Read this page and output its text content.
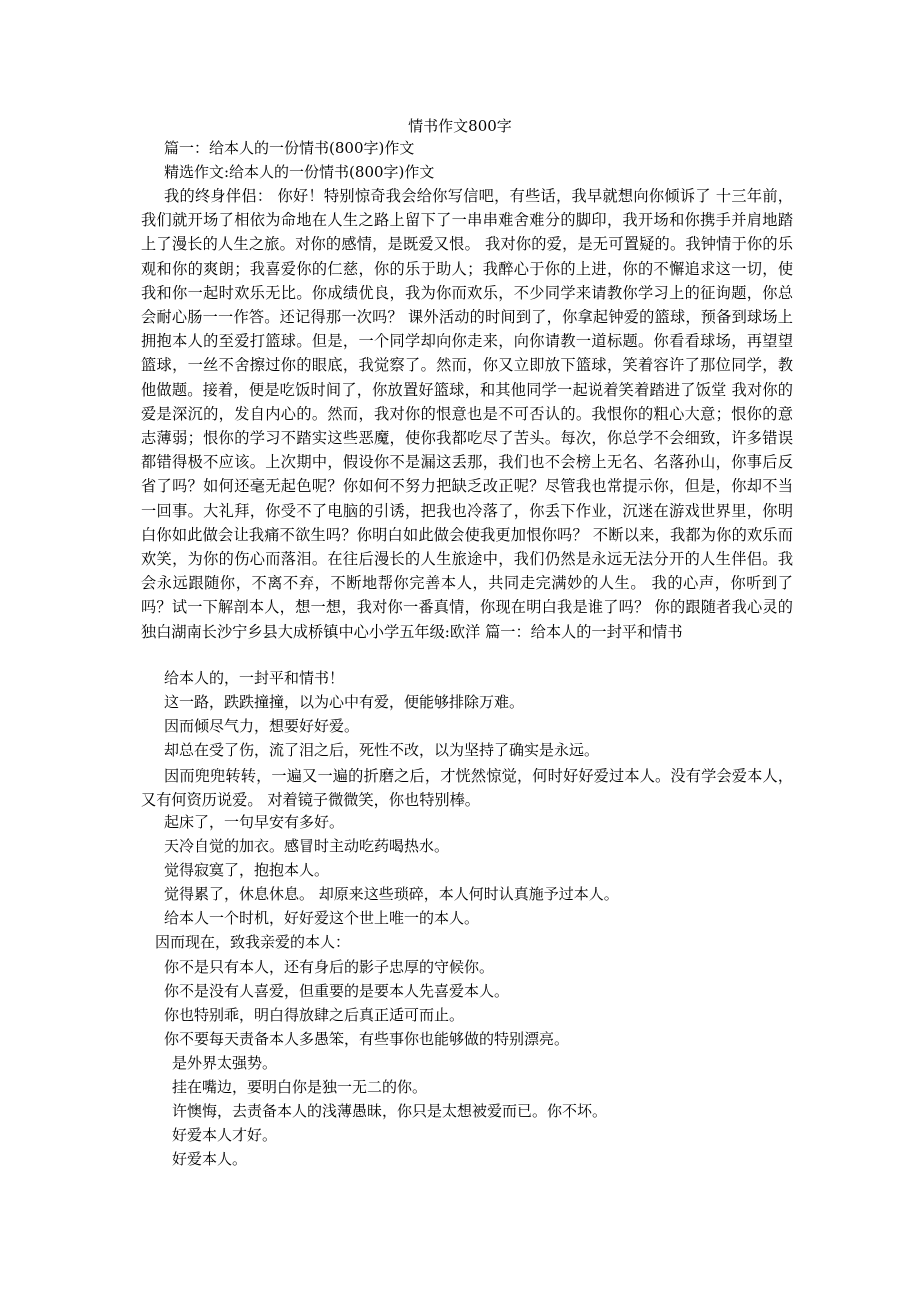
情书作文800字

篇一：给本人的一份情书(800字)作文

精选作文:给本人的一份情书(800字)作文

我的终身伴侣： 你好！特别惊奇我会给你写信吧，有些话，我早就想向你倾诉了 十三年前，我们就开场了相依为命地在人生之路上留下了一串串难舍难分的脚印，我开场和你携手并肩地踏上了漫长的人生之旅。对你的感情，是既爱又恨。 我对你的爱，是无可置疑的。我钟情于你的乐观和你的爽朗；我喜爱你的仁慈，你的乐于助人；我醉心于你的上进，你的不懈追求这一切，使我和你一起时欢乐无比。你成绩优良，我为你而欢乐，不少同学来请教你学习上的征询题，你总会耐心肠一一作答。还记得那一次吗？ 课外活动的时间到了，你拿起钟爱的篮球，预备到球场上拥抱本人的至爱打篮球。但是，一个同学却向你走来，向你请教一道标题。你看看球场，再望望篮球，一丝不舍擦过你的眼底，我觉察了。然而，你又立即放下篮球，笑着容许了那位同学，教他做题。接着，便是吃饭时间了，你放置好篮球，和其他同学一起说着笑着踏进了饭堂 我对你的爱是深沉的，发自内心的。然而，我对你的恨意也是不可否认的。我恨你的粗心大意；恨你的意志薄弱；恨你的学习不踏实这些恶魔，使你我都吃尽了苦头。每次，你总学不会细致，许多错误都错得极不应该。上次期中，假设你不是漏这丢那，我们也不会榜上无名、名落孙山，你事后反省了吗？如何还毫无起色呢？你如何不努力把缺乏改正呢？尽管我也常提示你，但是，你却不当一回事。大礼拜，你受不了电脑的引诱，把我也冷落了，你丢下作业，沉迷在游戏世界里，你明白你如此做会让我痛不欲生吗？你明白如此做会使我更加恨你吗？ 不断以来，我都为你的欢乐而欢笑，为你的伤心而落泪。在往后漫长的人生旅途中，我们仍然是永远无法分开的人生伴侣。我会永远跟随你，不离不弃，不断地帮你完善本人，共同走完满妙的人生。 我的心声，你听到了吗？试一下解剖本人，想一想，我对你一番真情，你现在明白我是谁了吗？ 你的跟随者我心灵的独白湖南长沙宁乡县大成桥镇中心小学五年级:欧洋 篇一：给本人的一封平和情书

给本人的，一封平和情书！

这一路，跌跌撞撞，以为心中有爱，便能够排除万难。

因而倾尽气力，想要好好爱。

却总在受了伤，流了泪之后，死性不改，以为坚持了确实是永远。

因而兜兜转转，一遍又一遍的折磨之后，才恍然惊觉，何时好好爱过本人。没有学会爱本人，又有何资历说爱。 对着镜子微微笑，你也特别棒。

起床了，一句早安有多好。

天冷自觉的加衣。感冒时主动吃药喝热水。

觉得寂寞了，抱抱本人。

觉得累了，休息休息。 却原来这些琐碎，本人何时认真施予过本人。

给本人一个时机，好好爱这个世上唯一的本人。

因而现在，致我亲爱的本人：

你不是只有本人，还有身后的影子忠厚的守候你。

你不是没有人喜爱，但重要的是要本人先喜爱本人。

你也特别乖，明白得放肆之后真正适可而止。

你不要每天责备本人多愚笨，有些事你也能够做的特别漂亮。

是外界太强势。

挂在嘴边，要明白你是独一无二的你。

许懊悔，去责备本人的浅薄愚昧，你只是太想被爱而已。你不坏。

好爱本人才好。

好爱本人。
